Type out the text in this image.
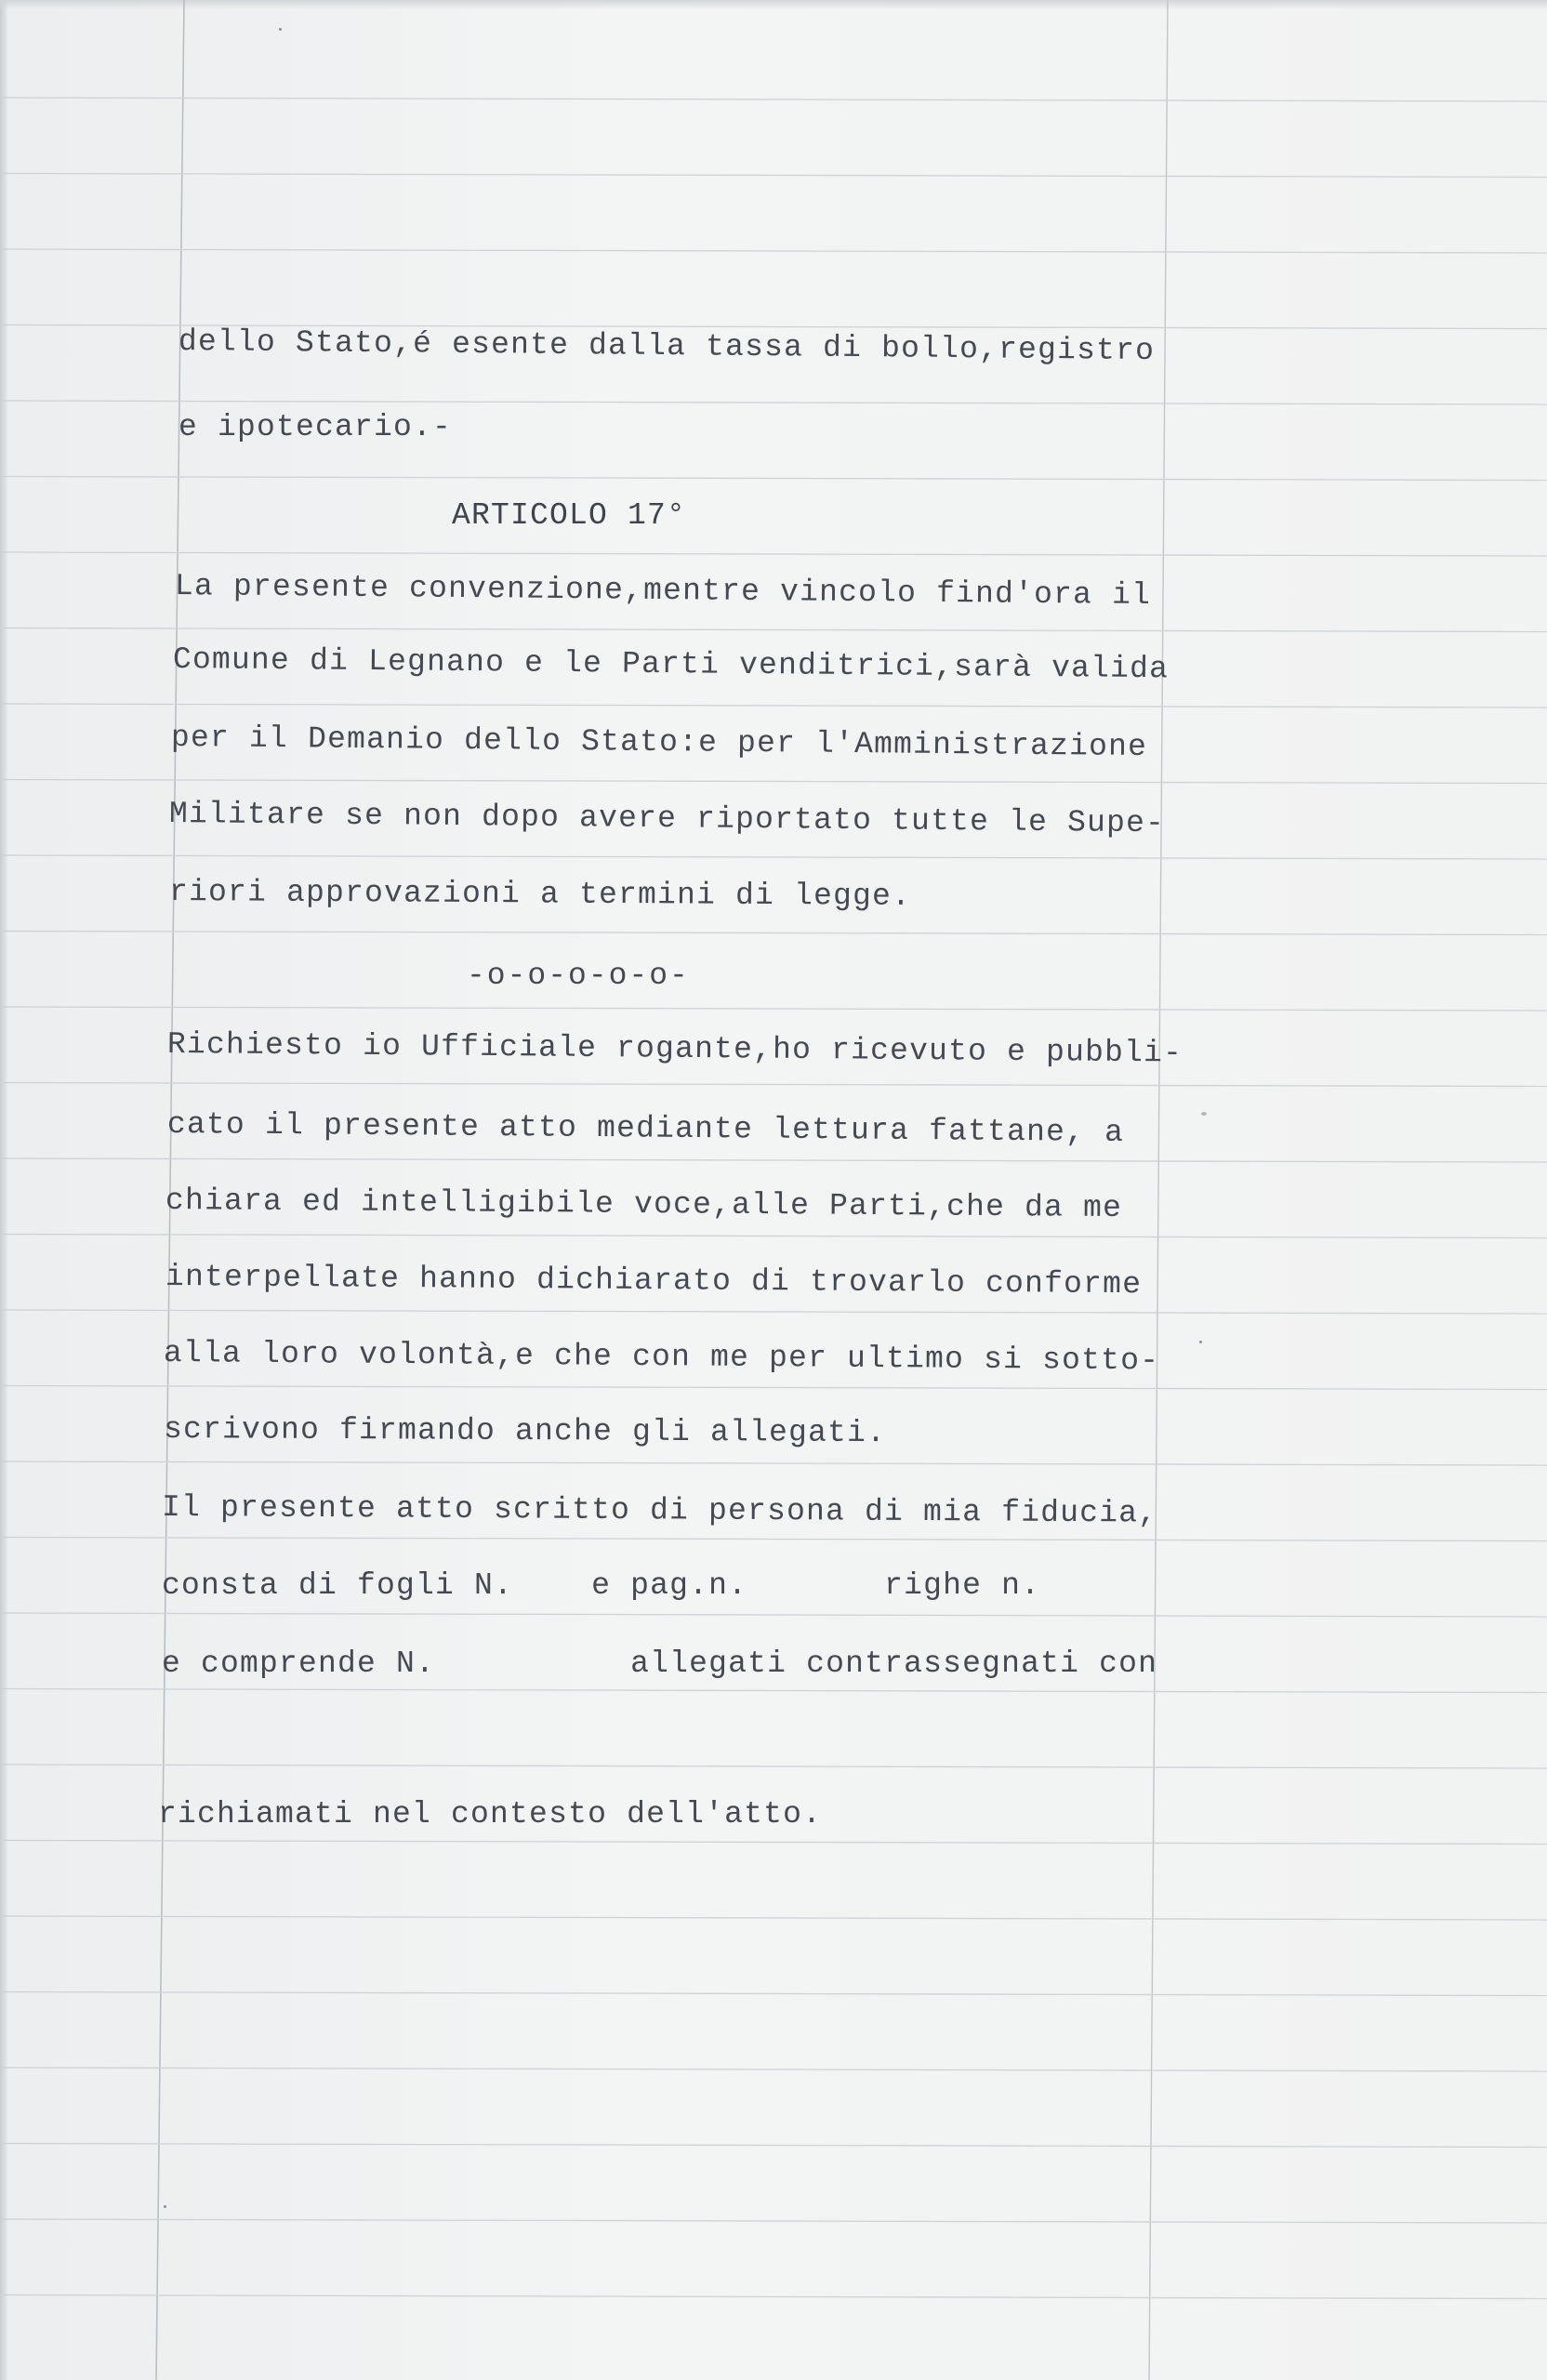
dello Stato,é esente dalla tassa di bollo,registro
e ipotecario.-
ARTICOLO 17°
La presente convenzione,mentre vincolo find'ora il
Comune di Legnano e le Parti venditrici,sarà valida
per il Demanio dello Stato:e per l'Amministrazione
Militare se non dopo avere riportato tutte le Supe-
riori approvazioni a termini di legge.
-o-o-o-o-o-
Richiesto io Ufficiale rogante,ho ricevuto e pubbli-
cato il presente atto mediante lettura fattane, a
chiara ed intelligibile voce,alle Parti,che da me
interpellate hanno dichiarato di trovarlo conforme
alla loro volontà,e che con me per ultimo si sotto-
scrivono firmando anche gli allegati.
Il presente atto scritto di persona di mia fiducia,
consta di fogli N.    e pag.n.       righe n.
e comprende N.          allegati contrassegnati con
richiamati nel contesto dell'atto.
